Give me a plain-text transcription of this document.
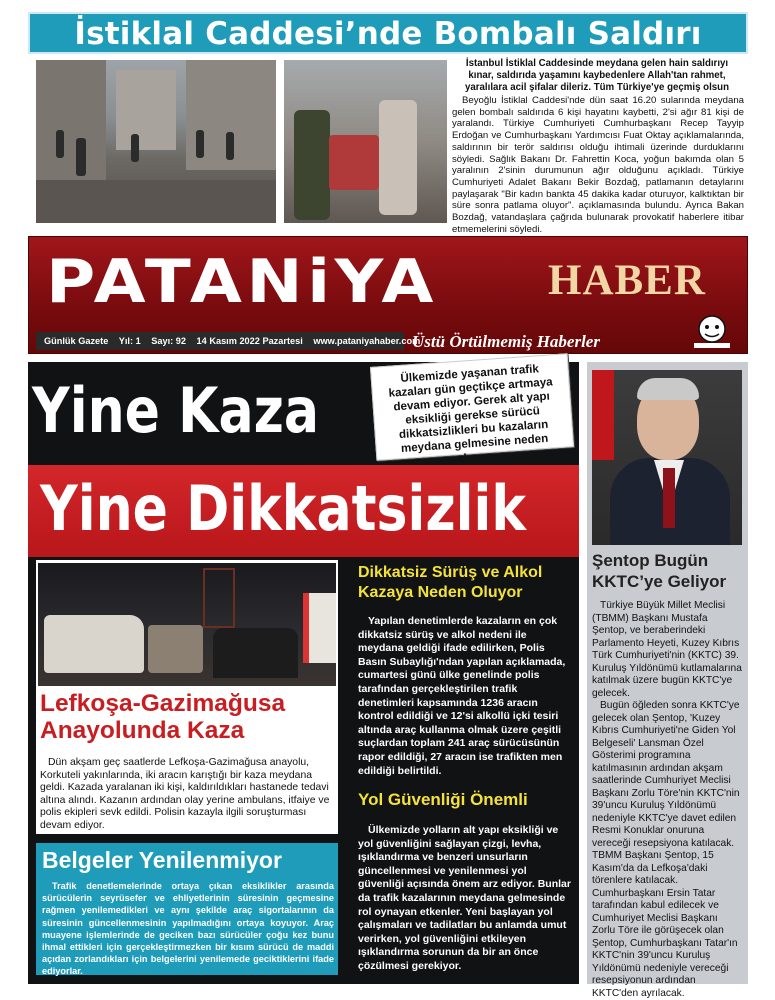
İstiklal Caddesi’nde Bombalı Saldırı
İstanbul İstiklal Caddesinde meydana gelen hain saldırıyı kınar, saldırıda yaşamını kaybedenlere Allah'tan rahmet, yaralılara acil şifalar dileriz. Tüm Türkiye'ye geçmiş olsun
Beyoğlu İstiklal Caddesi'nde dün saat 16.20 sularında meydana gelen bombalı saldırıda 6 kişi hayatını kaybetti, 2'si ağır 81 kişi de yaralandı. Türkiye Cumhuriyeti Cumhurbaşkanı Recep Tayyip Erdoğan ve Cumhurbaşkanı Yardımcısı Fuat Oktay açıklamalarında, saldırının bir terör saldırısı olduğu ihtimali üzerinde durduklarını söyledi. Sağlık Bakanı Dr. Fahrettin Koca, yoğun bakımda olan 5 yaralının 2'sinin durumunun ağır olduğunu açıkladı. Türkiye Cumhuriyeti Adalet Bakanı Bekir Bozdağ, patlamanın detaylarını paylaşarak "Bir kadın bankta 45 dakika kadar oturuyor, kalktıktan bir süre sonra patlama oluyor". açıklamasında bulundu. Ayrıca Bakan Bozdağ, vatandaşlara çağrıda bulunarak provokatif haberlere itibar etmemelerini söyledi.
PATANiYA	HABER
Günlük Gazete Yıl: 1 Sayı: 92 14 Kasım 2022 Pazartesi www.pataniyahaber.com
Üstü Örtülmemiş Haberler
Yine Kaza
Ülkemizde yaşanan trafik kazaları gün geçtikçe artmaya devam ediyor. Gerek alt yapı eksikliği gerekse sürücü dikkatsizlikleri bu kazaların meydana gelmesine neden oluyor.
Yine Dikkatsizlik
Lefkoşa-Gazimağusa Anayolunda Kaza
Dün akşam geç saatlerde Lefkoşa-Gazimağusa anayolu, Korkuteli yakınlarında, iki aracın karıştığı bir kaza meydana geldi. Kazada yaralanan iki kişi, kaldırıldıkları hastanede tedavi altına alındı. Kazanın ardından olay yerine ambulans, itfaiye ve polis ekipleri sevk edildi. Polisin kazayla ilgili soruşturması devam ediyor.
Belgeler Yenilenmiyor
Trafik denetlemelerinde ortaya çıkan eksiklikler arasında sürücülerin seyrüsefer ve ehliyetlerinin süresinin geçmesine rağmen yenilemedikleri ve aynı şekilde araç sigortalarının da süresinin güncellenmesinin yapılmadığını ortaya koyuyor. Araç muayene işlemlerinde de geciken bazı sürücüler çoğu kez bunu ihmal ettikleri için gerçekleştirmezken bir kısım sürücü de maddi açıdan zorlandıkları için belgelerini yenilemede geciktiklerini ifade ediyorlar.
Dikkatsiz Sürüş ve Alkol Kazaya Neden Oluyor
Yapılan denetimlerde kazaların en çok dikkatsiz sürüş ve alkol nedeni ile meydana geldiği ifade edilirken, Polis Basın Subaylığı'ndan yapılan açıklamada, cumartesi günü ülke genelinde polis tarafından gerçekleştirilen trafik denetimleri kapsamında 1236 aracın kontrol edildiği ve 12'si alkollü içki tesiri altında araç kullanma olmak üzere çeşitli suçlardan toplam 241 araç sürücüsünün rapor edildiği, 27 aracın ise trafikten men edildiği belirtildi.
Yol Güvenliği Önemli
Ülkemizde yolların alt yapı eksikliği ve yol güvenliğini sağlayan çizgi, levha, ışıklandırma ve benzeri unsurların güncellenmesi ve yenilenmesi yol güvenliği açısında önem arz ediyor. Bunlar da trafik kazalarının meydana gelmesinde rol oynayan etkenler. Yeni başlayan yol çalışmaları ve tadilatları bu anlamda umut verirken, yol güvenliğini etkileyen ışıklandırma sorunun da bir an önce çözülmesi gerekiyor.
Şentop Bugün KKTC’ye Geliyor
Türkiye Büyük Millet Meclisi (TBMM) Başkanı Mustafa Şentop, ve beraberindeki Parlamento Heyeti, Kuzey Kıbrıs Türk Cumhuriyeti'nin (KKTC) 39. Kuruluş Yıldönümü kutlamalarına katılmak üzere bugün KKTC'ye gelecek.
Bugün öğleden sonra KKTC'ye gelecek olan Şentop, 'Kuzey Kıbrıs Cumhuriyeti'ne Giden Yol Belgeseli' Lansman Özel Gösterimi programına katılmasının ardından akşam saatlerinde Cumhuriyet Meclisi Başkanı Zorlu Töre'nin KKTC'nin 39'uncu Kuruluş Yıldönümü nedeniyle KKTC'ye davet edilen Resmi Konuklar onuruna vereceği resepsiyona katılacak. TBMM Başkanı Şentop, 15 Kasım'da da Lefkoşa'daki törenlere katılacak. Cumhurbaşkanı Ersin Tatar tarafından kabul edilecek ve Cumhuriyet Meclisi Başkanı Zorlu Töre ile görüşecek olan Şentop, Cumhurbaşkanı Tatar'ın KKTC'nin 39'uncu Kuruluş Yıldönümü nedeniyle vereceği resepsiyonun ardından KKTC'den ayrılacak.
